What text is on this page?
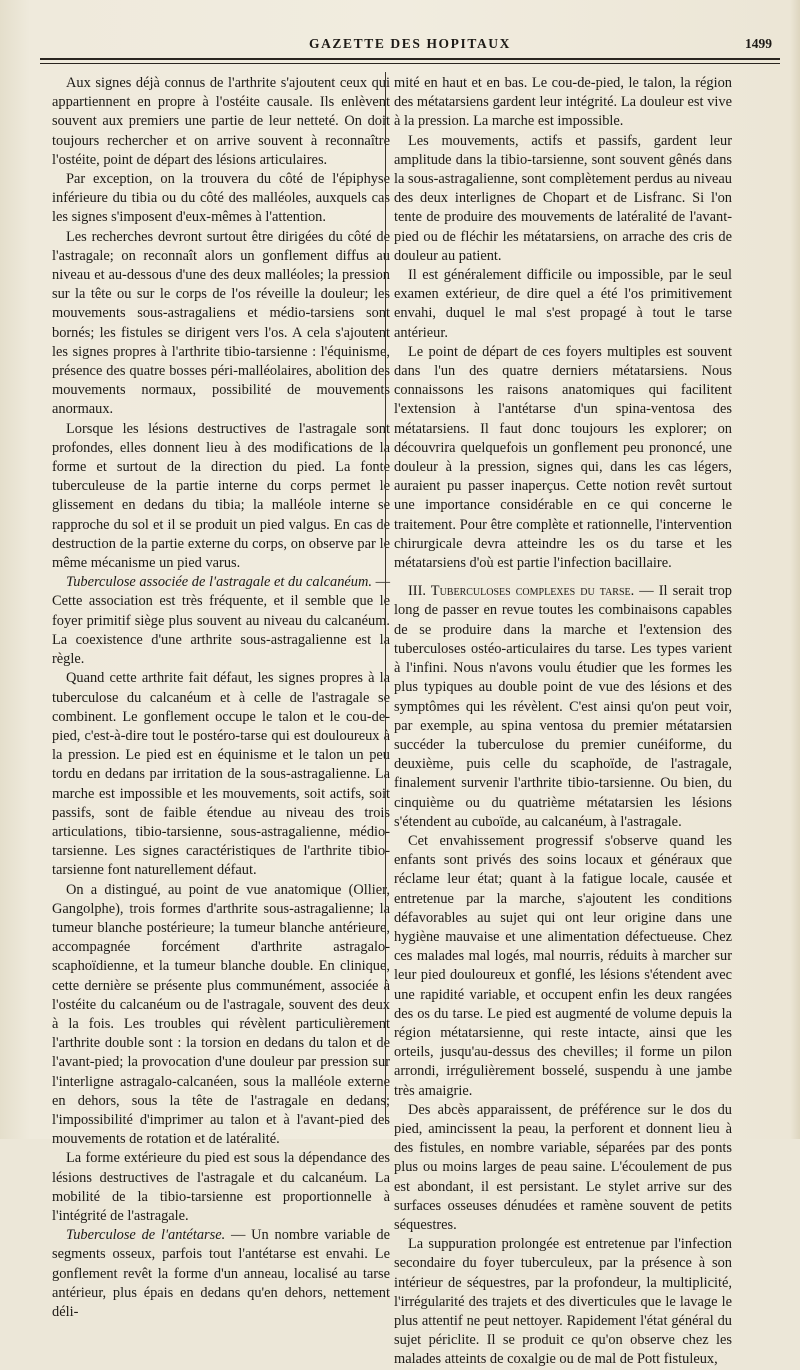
GAZETTE DES HOPITAUX	1499

Aux signes déjà connus de l'arthrite s'ajoutent ceux qui appartiennent en propre à l'ostéite causale. Ils enlèvent souvent aux premiers une partie de leur netteté. On doit toujours rechercher et on arrive souvent à reconnaître l'ostéite, point de départ des lésions articulaires.

Par exception, on la trouvera du côté de l'épiphyse inférieure du tibia ou du côté des malléoles, auxquels cas les signes s'imposent d'eux-mêmes à l'attention.

Les recherches devront surtout être dirigées du côté de l'astragale; on reconnaît alors un gonflement diffus au niveau et au-dessous d'une des deux malléoles; la pression sur la tête ou sur le corps de l'os réveille la douleur; les mouvements sous-astragaliens et médio-tarsiens sont bornés; les fistules se dirigent vers l'os. A cela s'ajoutent les signes propres à l'arthrite tibio-tarsienne : l'équinisme, présence des quatre bosses péri-malléolaires, abolition des mouvements normaux, possibilité de mouvements anormaux.

Lorsque les lésions destructives de l'astragale sont profondes, elles donnent lieu à des modifications de la forme et surtout de la direction du pied. La fonte tuberculeuse de la partie interne du corps permet le glissement en dedans du tibia; la malléole interne se rapproche du sol et il se produit un pied valgus. En cas de destruction de la partie externe du corps, on observe par le même mécanisme un pied varus.

Tuberculose associée de l'astragale et du calcanéum. — Cette association est très fréquente, et il semble que le foyer primitif siège plus souvent au niveau du calcanéum. La coexistence d'une arthrite sous-astragalienne est la règle.

Quand cette arthrite fait défaut, les signes propres à la tuberculose du calcanéum et à celle de l'astragale se combinent. Le gonflement occupe le talon et le cou-de-pied, c'est-à-dire tout le postéro-tarse qui est douloureux à la pression. Le pied est en équinisme et le talon un peu tordu en dedans par irritation de la sous-astragalienne. La marche est impossible et les mouvements, soit actifs, soit passifs, sont de faible étendue au niveau des trois articulations, tibio-tarsienne, sous-astragalienne, médio-tarsienne. Les signes caractéristiques de l'arthrite tibio-tarsienne font naturellement défaut.

On a distingué, au point de vue anatomique (Ollier, Gangolphe), trois formes d'arthrite sous-astragalienne; la tumeur blanche postérieure; la tumeur blanche antérieure, accompagnée forcément d'arthrite astragalo-scaphoïdienne, et la tumeur blanche double. En clinique, cette dernière se présente plus communément, associée à l'ostéite du calcanéum ou de l'astragale, souvent des deux à la fois. Les troubles qui révèlent particulièrement l'arthrite double sont : la torsion en dedans du talon et de l'avant-pied; la provocation d'une douleur par pression sur l'interligne astragalo-calcanéen, sous la malléole externe en dehors, sous la tête de l'astragale en dedans; l'impossibilité d'imprimer au talon et à l'avant-pied des mouvements de rotation et de latéralité.

La forme extérieure du pied est sous la dépendance des lésions destructives de l'astragale et du calcanéum. La mobilité de la tibio-tarsienne est proportionnelle à l'intégrité de l'astragale.

Tuberculose de l'antétarse. — Un nombre variable de segments osseux, parfois tout l'antétarse est envahi. Le gonflement revêt la forme d'un anneau, localisé au tarse antérieur, plus épais en dedans qu'en dehors, nettement déli-

mité en haut et en bas. Le cou-de-pied, le talon, la région des métatarsiens gardent leur intégrité. La douleur est vive à la pression. La marche est impossible.

Les mouvements, actifs et passifs, gardent leur amplitude dans la tibio-tarsienne, sont souvent gênés dans la sous-astragalienne, sont complètement perdus au niveau des deux interlignes de Chopart et de Lisfranc. Si l'on tente de produire des mouvements de latéralité de l'avant-pied ou de fléchir les métatarsiens, on arrache des cris de douleur au patient.

Il est généralement difficile ou impossible, par le seul examen extérieur, de dire quel a été l'os primitivement envahi, duquel le mal s'est propagé à tout le tarse antérieur.

Le point de départ de ces foyers multiples est souvent dans l'un des quatre derniers métatarsiens. Nous connaissons les raisons anatomiques qui facilitent l'extension à l'antétarse d'un spina-ventosa des métatarsiens. Il faut donc toujours les explorer; on découvrira quelquefois un gonflement peu prononcé, une douleur à la pression, signes qui, dans les cas légers, auraient pu passer inaperçus. Cette notion revêt surtout une importance considérable en ce qui concerne le traitement. Pour être complète et rationnelle, l'intervention chirurgicale devra atteindre les os du tarse et les métatarsiens d'où est partie l'infection bacillaire.

III. Tuberculoses complexes du tarse. — Il serait trop long de passer en revue toutes les combinaisons capables de se produire dans la marche et l'extension des tuberculoses ostéo-articulaires du tarse. Les types varient à l'infini. Nous n'avons voulu étudier que les formes les plus typiques au double point de vue des lésions et des symptômes qui les révèlent. C'est ainsi qu'on peut voir, par exemple, au spina ventosa du premier métatarsien succéder la tuberculose du premier cunéiforme, du deuxième, puis celle du scaphoïde, de l'astragale, finalement survenir l'arthrite tibio-tarsienne. Ou bien, du cinquième ou du quatrième métatarsien les lésions s'étendent au cuboïde, au calcanéum, à l'astragale.

Cet envahissement progressif s'observe quand les enfants sont privés des soins locaux et généraux que réclame leur état; quant à la fatigue locale, causée et entretenue par la marche, s'ajoutent les conditions défavorables au sujet qui ont leur origine dans une hygiène mauvaise et une alimentation défectueuse. Chez ces malades mal logés, mal nourris, réduits à marcher sur leur pied douloureux et gonflé, les lésions s'étendent avec une rapidité variable, et occupent enfin les deux rangées des os du tarse. Le pied est augmenté de volume depuis la région métatarsienne, qui reste intacte, ainsi que les orteils, jusqu'au-dessus des chevilles; il forme un pilon arrondi, irrégulièrement bosselé, suspendu à une jambe très amaigrie.

Des abcès apparaissent, de préférence sur le dos du pied, amincissent la peau, la perforent et donnent lieu à des fistules, en nombre variable, séparées par des ponts plus ou moins larges de peau saine. L'écoulement de pus est abondant, il est persistant. Le stylet arrive sur des surfaces osseuses dénudées et ramène souvent de petits séquestres.

La suppuration prolongée est entretenue par l'infection secondaire du foyer tuberculeux, par la présence à son intérieur de séquestres, par la profondeur, la multiplicité, l'irrégularité des trajets et des diverticules que le lavage le plus attentif ne peut nettoyer. Rapidement l'état général du sujet périclite. Il se produit ce qu'on observe chez les malades atteints de coxalgie ou de mal de Pott fistuleux,
